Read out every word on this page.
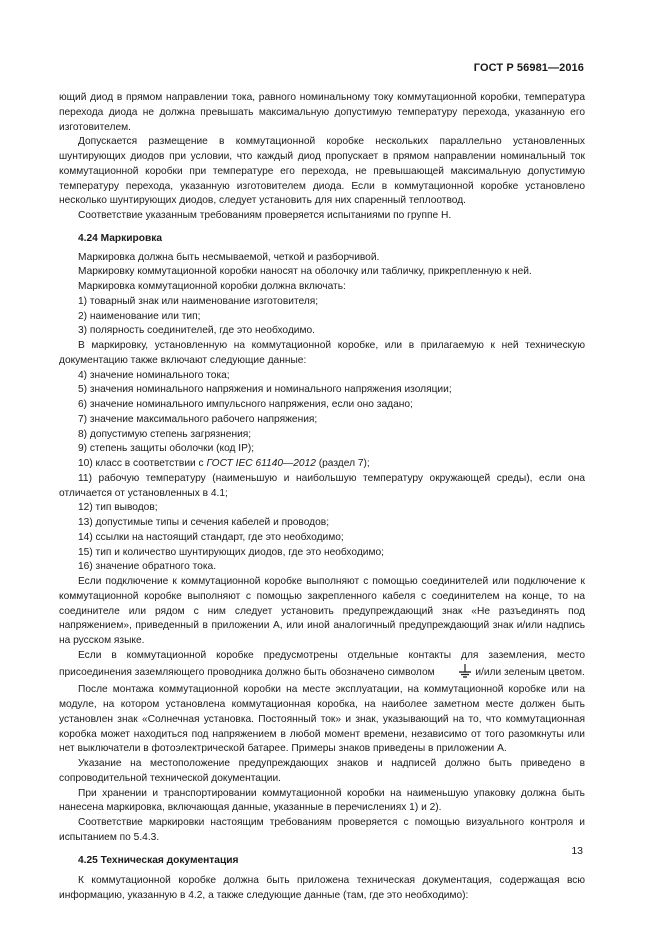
ГОСТ Р 56981—2016

ющий диод в прямом направлении тока, равного номинальному току коммутационной коробки, температура перехода диода не должна превышать максимальную допустимую температуру перехода, указанную его изготовителем.

Допускается размещение в коммутационной коробке нескольких параллельно установленных шунтирующих диодов при условии, что каждый диод пропускает в прямом направлении номинальный ток коммутационной коробки при температуре его перехода, не превышающей максимальную допустимую температуру перехода, указанную изготовителем диода. Если в коммутационной коробке установлено несколько шунтирующих диодов, следует установить для них спаренный теплоотвод.

Соответствие указанным требованиям проверяется испытаниями по группе Н.

4.24 Маркировка

Маркировка должна быть несмываемой, четкой и разборчивой.

Маркировку коммутационной коробки наносят на оболочку или табличку, прикрепленную к ней.

Маркировка коммутационной коробки должна включать:

1) товарный знак или наименование изготовителя;

2) наименование или тип;

3) полярность соединителей, где это необходимо.

В маркировку, установленную на коммутационной коробке, или в прилагаемую к ней техническую документацию также включают следующие данные:

4) значение номинального тока;

5) значения номинального напряжения и номинального напряжения изоляции;

6) значение номинального импульсного напряжения, если оно задано;

7) значение максимального рабочего напряжения;

8) допустимую степень загрязнения;

9) степень защиты оболочки (код IP);

10) класс в соответствии с ГОСТ IEC 61140—2012 (раздел 7);

11) рабочую температуру (наименьшую и наибольшую температуру окружающей среды), если она отличается от установленных в 4.1;

12) тип выводов;

13) допустимые типы и сечения кабелей и проводов;

14) ссылки на настоящий стандарт, где это необходимо;

15) тип и количество шунтирующих диодов, где это необходимо;

16) значение обратного тока.

Если подключение к коммутационной коробке выполняют с помощью соединителей или подключение к коммутационной коробке выполняют с помощью закрепленного кабеля с соединителем на конце, то на соединителе или рядом с ним следует установить предупреждающий знак «Не разъединять под напряжением», приведенный в приложении А, или иной аналогичный предупреждающий знак и/или надпись на русском языке.

Если в коммутационной коробке предусмотрены отдельные контакты для заземления, место присоединения заземляющего проводника должно быть обозначено символом	и/или зеленым цветом.

После монтажа коммутационной коробки на месте эксплуатации, на коммутационной коробке или на модуле, на котором установлена коммутационная коробка, на наиболее заметном месте должен быть установлен знак «Солнечная установка. Постоянный ток» и знак, указывающий на то, что коммутационная коробка может находиться под напряжением в любой момент времени, независимо от того разомкнуты или нет выключатели в фотоэлектрической батарее. Примеры знаков приведены в приложении А.

Указание на местоположение предупреждающих знаков и надписей должно быть приведено в сопроводительной технической документации.

При хранении и транспортировании коммутационной коробки на наименьшую упаковку должна быть нанесена маркировка, включающая данные, указанные в перечислениях 1) и 2).

Соответствие маркировки настоящим требованиям проверяется с помощью визуального контроля и испытанием по 5.4.3.

4.25 Техническая документация

К коммутационной коробке должна быть приложена техническая документация, содержащая всю информацию, указанную в 4.2, а также следующие данные (там, где это необходимо):

13
